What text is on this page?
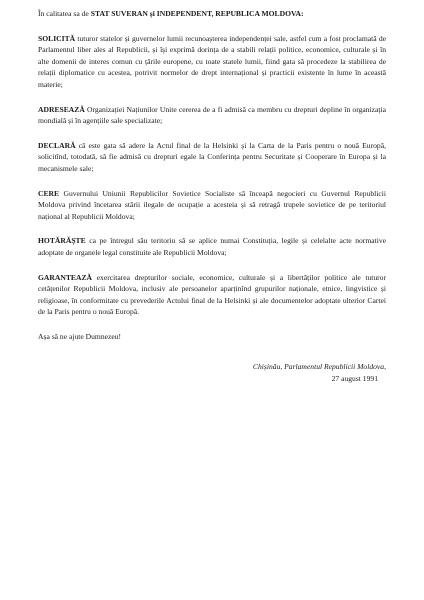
În calitatea sa de STAT SUVERAN și INDEPENDENT, REPUBLICA MOLDOVA:

SOLICITĂ tuturor statelor și guvernelor lumii recunoașterea independenței sale, astfel cum a fost proclamată de Parlamentul liber ales al Republicii, și își exprimă dorința de a stabili relații politice, economice, culturale și în alte domenii de interes comun cu țările europene, cu toate statele lumii, fiind gata să procedeze la stabilirea de relații diplomatice cu acestea, potrivit normelor de drept internațional și practicii existente în lume în această materie;

ADRESEAZĂ Organizației Națiunilor Unite cererea de a fi admisă ca membru cu drepturi depline în organizația mondială și în agențiile sale specializate;

DECLARĂ că este gata să adere la Actul final de la Helsinki și la Carta de la Paris pentru o nouă Europă, solicitînd, totodată, să fie admisă cu drepturi egale la Conferința pentru Securitate și Cooperare în Europa și la mecanismele sale;

CERE Guvernului Uniunii Republicilor Sovietice Socialiste să înceapă negocieri cu Guvernul Republicii Moldova privind încetarea stării ilegale de ocupație a acesteia și să retragă trupele sovietice de pe teritoriul național al Republicii Moldova;

HOTĂRĂȘTE ca pe întregul său teritoriu să se aplice numai Constituția, legile și celelalte acte normative adoptate de organele legal constituite ale Republicii Moldova;

GARANTEAZĂ exercitarea drepturilor sociale, economice, culturale și a libertăților politice ale tuturor cetățenilor Republicii Moldova, inclusiv ale persoanelor aparținînd grupurilor naționale, etnice, lingvistice și religioase, în conformitate cu prevederile Actului final de la Helsinki și ale documentelor adoptate ulterior Cartei de la Paris pentru o nouă Europă.

Așa să ne ajute Dumnezeu!

Chișinău, Parlamentul Republicii Moldova,
27 august 1991
